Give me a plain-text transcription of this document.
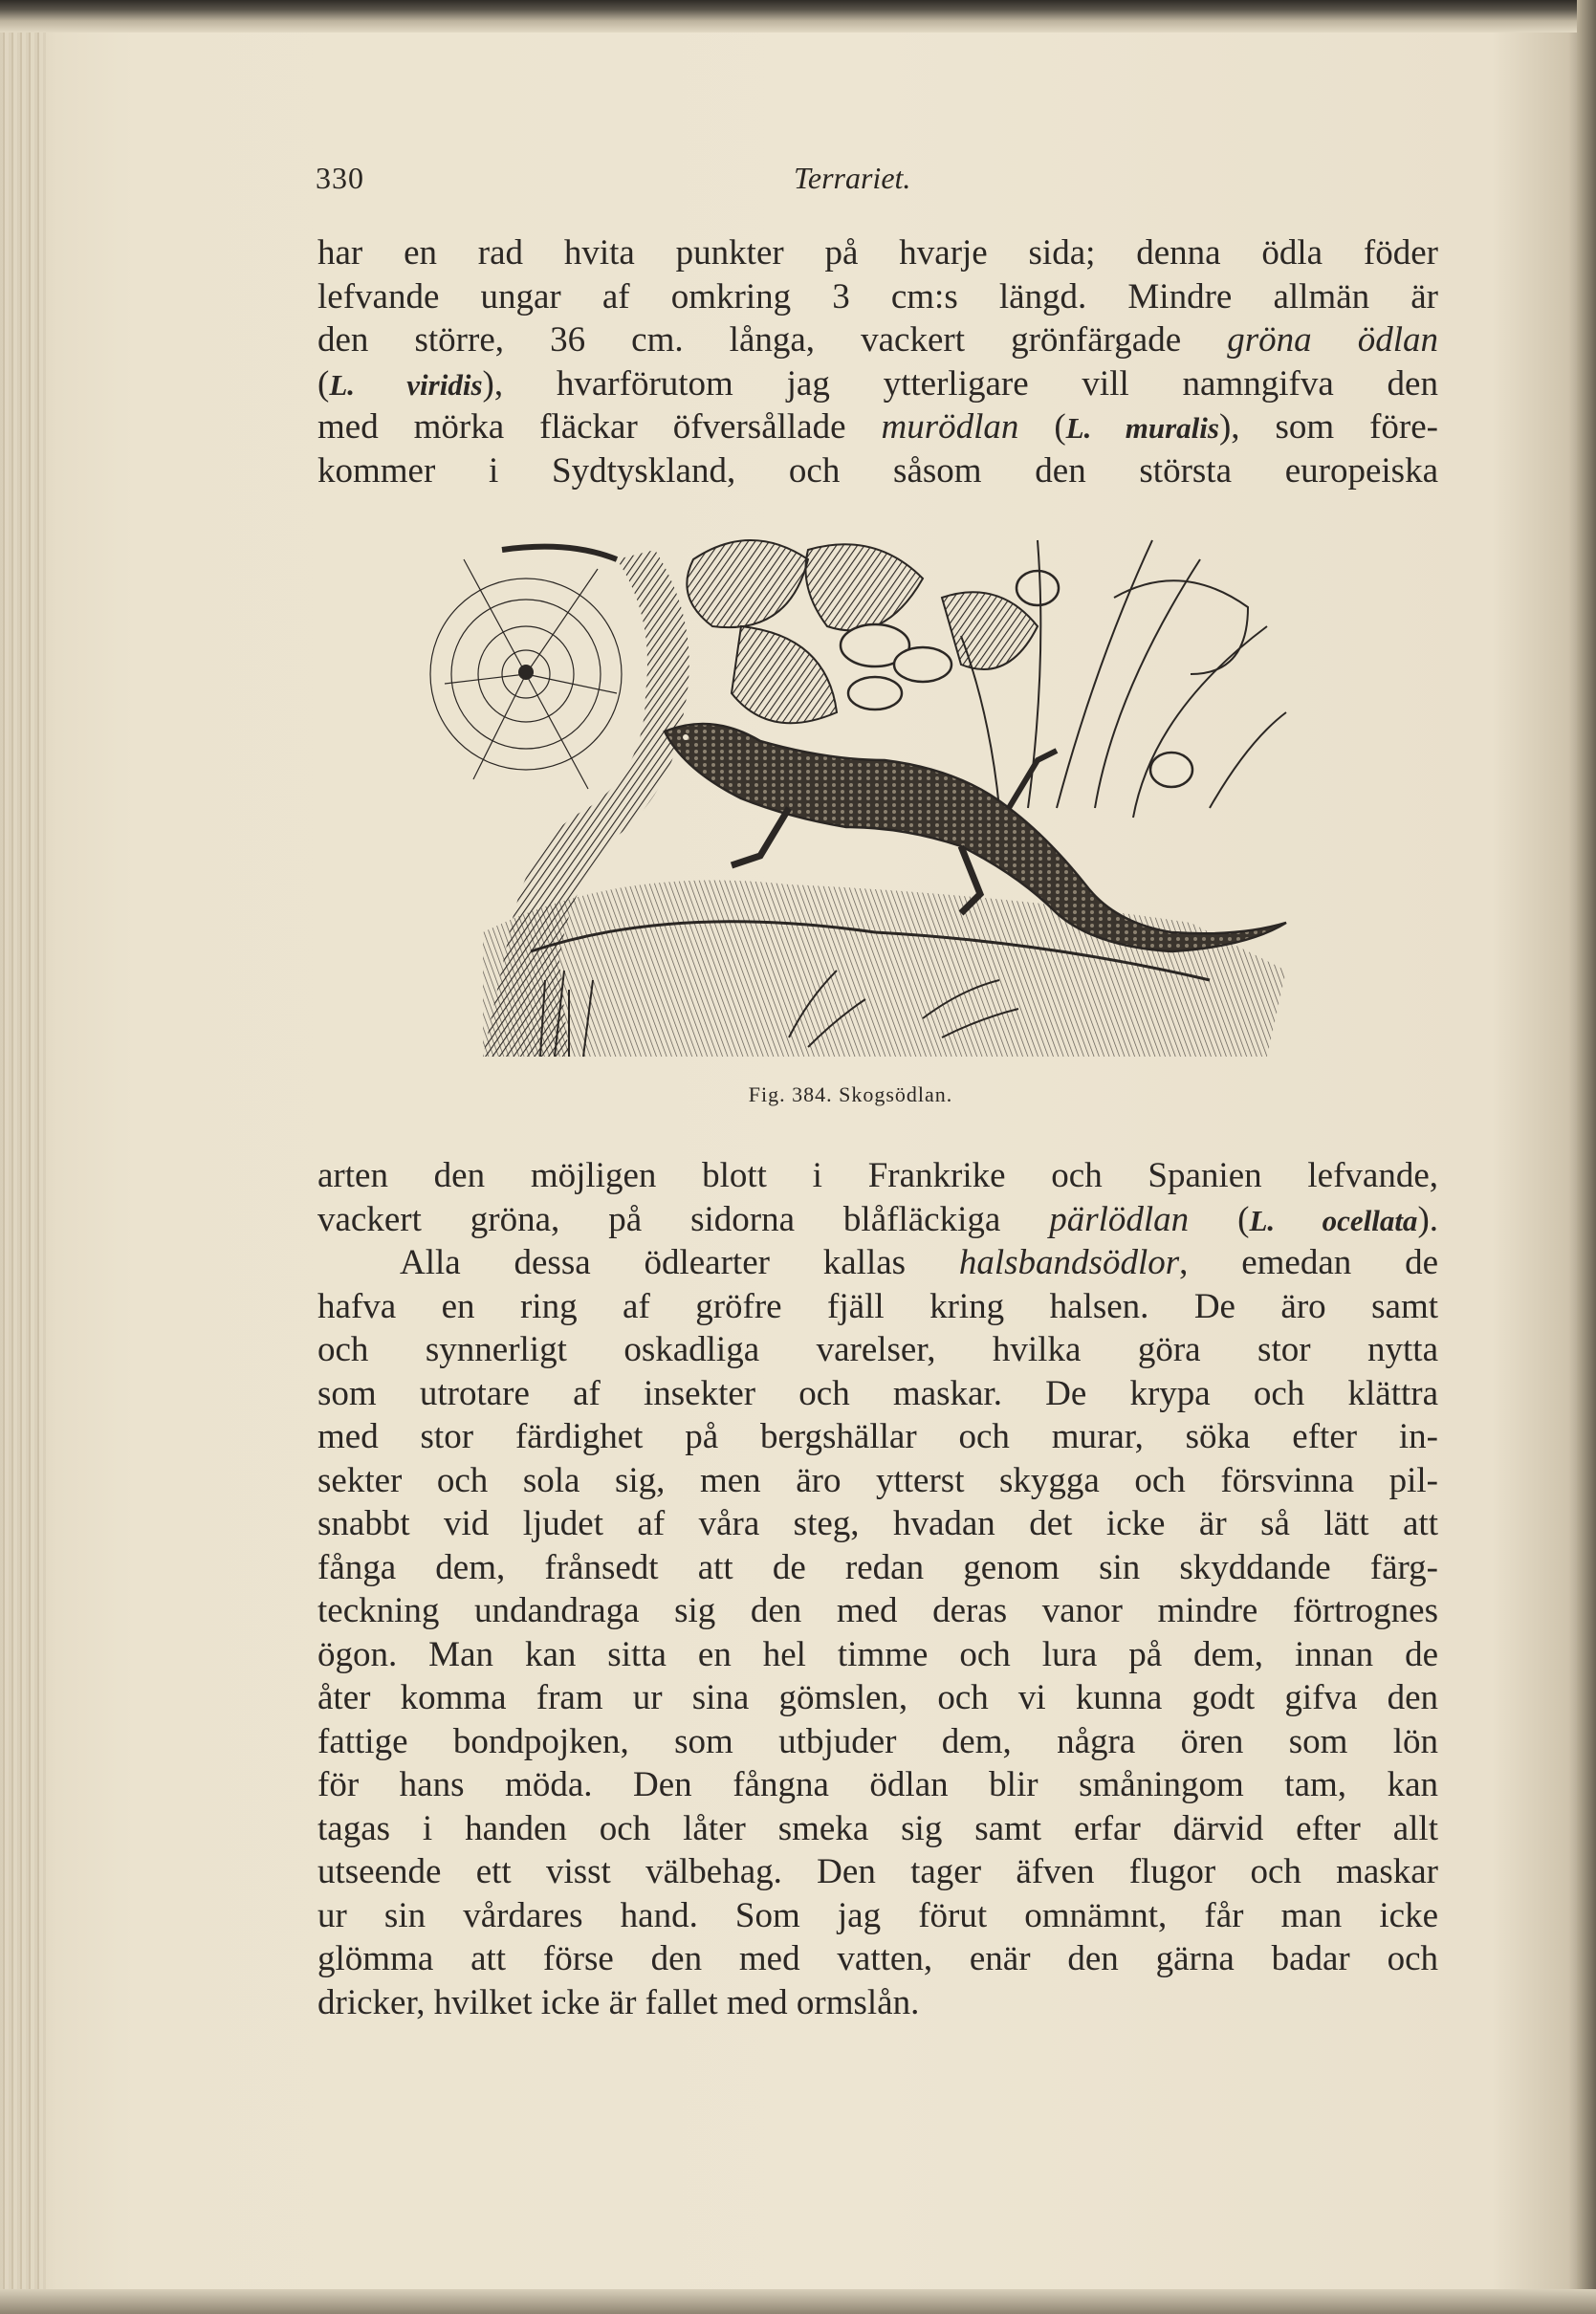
330	Terrariet.
har en rad hvita punkter på hvarje sida; denna ödla föder
lefvande ungar af omkring 3 cm:s längd. Mindre allmän är
den större, 36 cm. långa, vackert grönfärgade gröna ödlan
(L. viridis), hvarförutom jag ytterligare vill namngifva den
med mörka fläckar öfversållade murödlan (L. muralis), som före-
kommer i Sydtyskland, och såsom den största europeiska
Fig. 384. Skogsödlan.
arten den möjligen blott i Frankrike och Spanien lefvande,
vackert gröna, på sidorna blåfläckiga pärlödlan (L. ocellata).
Alla dessa ödlearter kallas halsbandsödlor, emedan de
hafva en ring af gröfre fjäll kring halsen. De äro samt
och synnerligt oskadliga varelser, hvilka göra stor nytta
som utrotare af insekter och maskar. De krypa och klättra
med stor färdighet på bergshällar och murar, söka efter in-
sekter och sola sig, men äro ytterst skygga och försvinna pil-
snabbt vid ljudet af våra steg, hvadan det icke är så lätt att
fånga dem, frånsedt att de redan genom sin skyddande färg-
teckning undandraga sig den med deras vanor mindre förtrognes
ögon. Man kan sitta en hel timme och lura på dem, innan de
åter komma fram ur sina gömslen, och vi kunna godt gifva den
fattige bondpojken, som utbjuder dem, några ören som lön
för hans möda. Den fångna ödlan blir småningom tam, kan
tagas i handen och låter smeka sig samt erfar därvid efter allt
utseende ett visst välbehag. Den tager äfven flugor och maskar
ur sin vårdares hand. Som jag förut omnämnt, får man icke
glömma att förse den med vatten, enär den gärna badar och
dricker, hvilket icke är fallet med ormslån.
